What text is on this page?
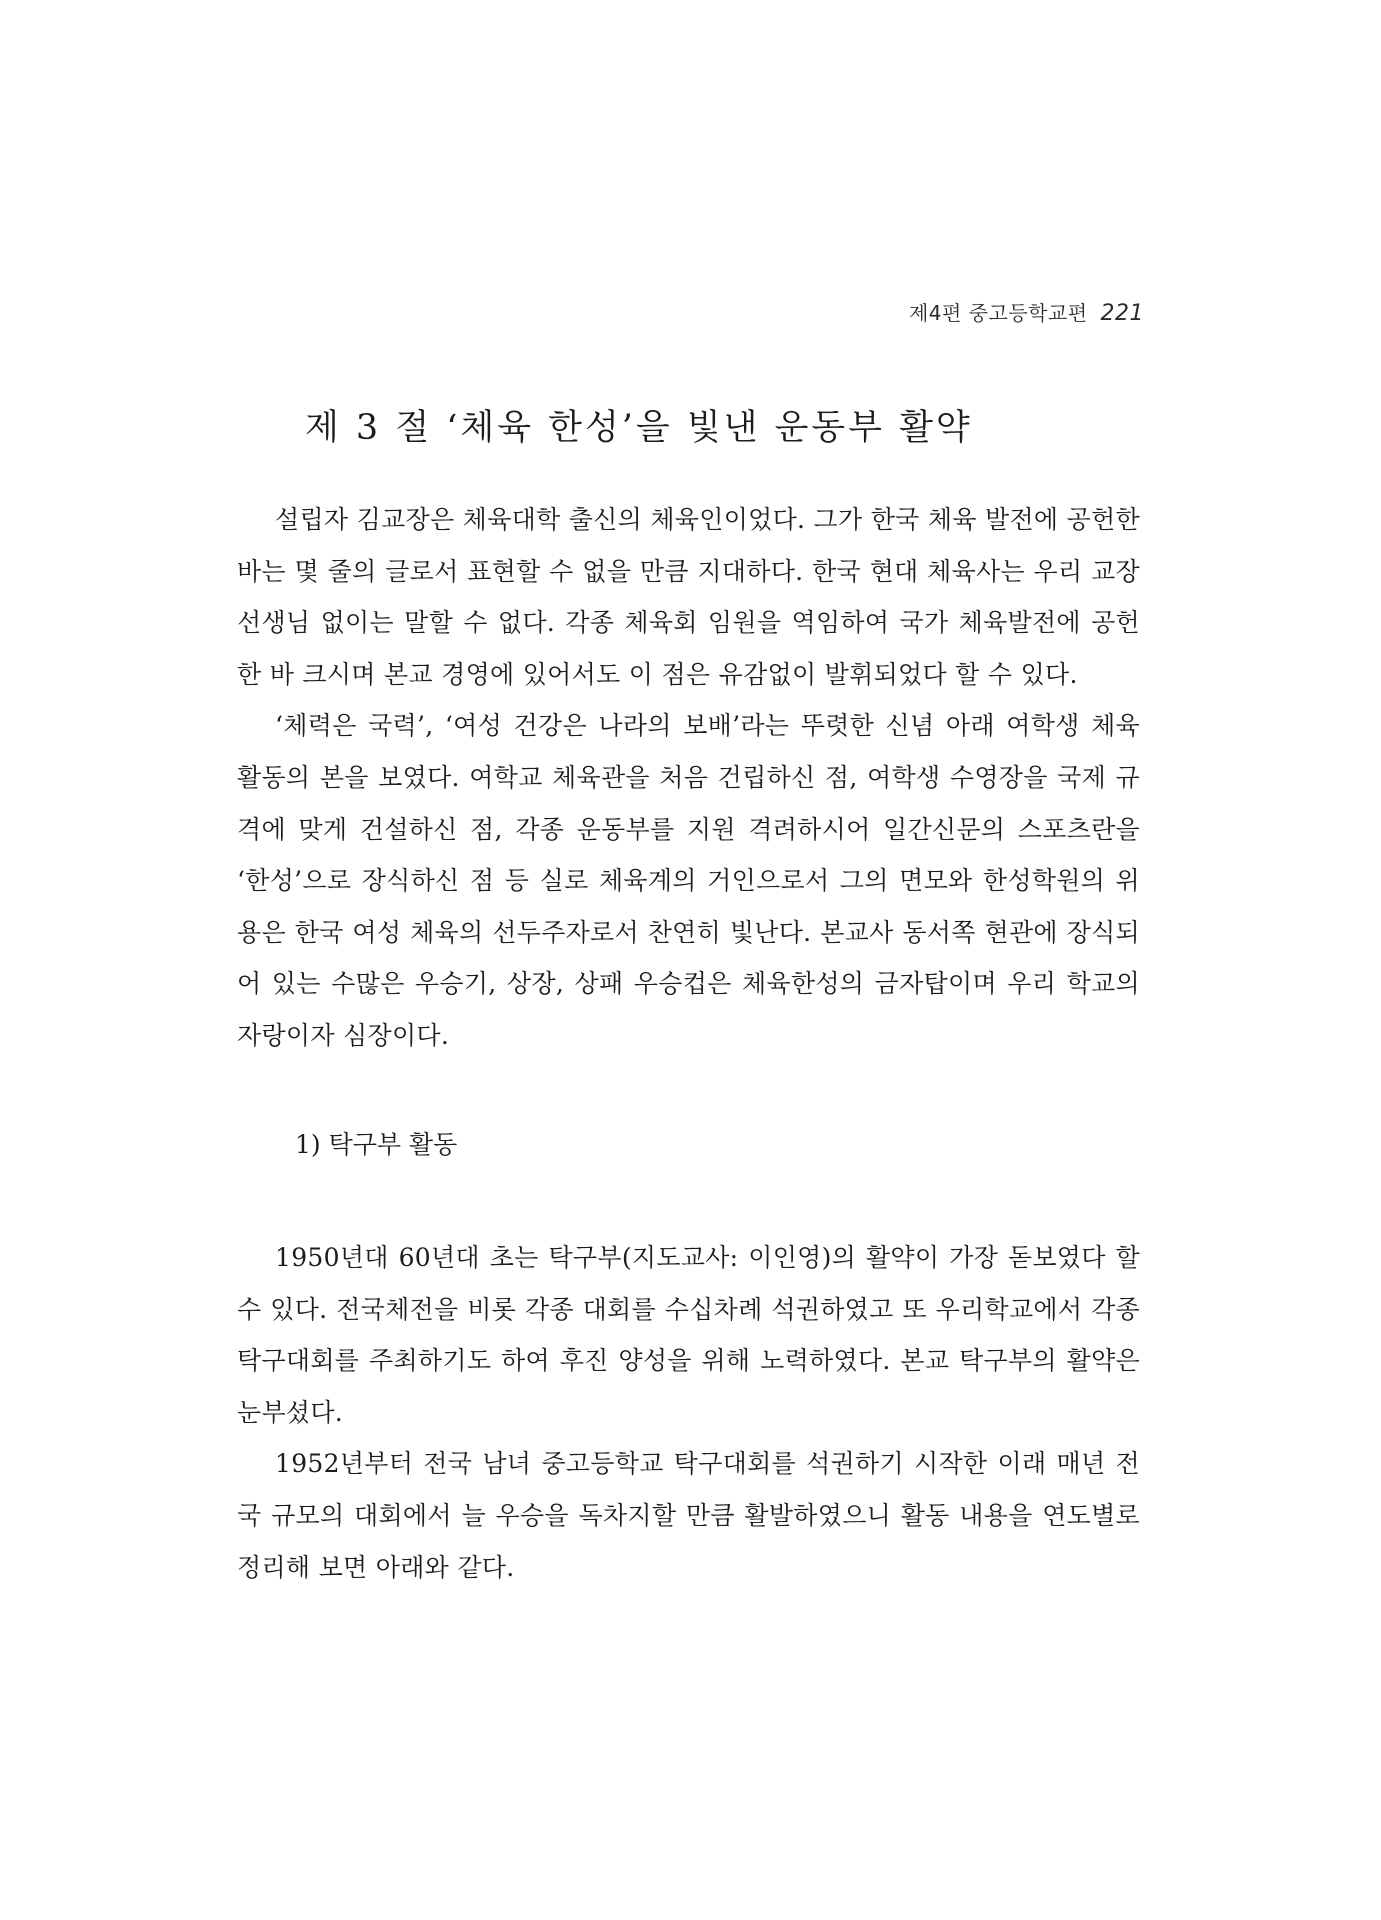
제4편 중고등학교편 221
제 3 절 ‘체육 한성’을 빛낸 운동부 활약

설립자 김교장은 체육대학 출신의 체육인이었다. 그가 한국 체육 발전에 공헌한 바는 몇 줄의 글로서 표현할 수 없을 만큼 지대하다. 한국 현대 체육사는 우리 교장선생님 없이는 말할 수 없다. 각종 체육회 임원을 역임하여 국가 체육발전에 공헌한 바 크시며 본교 경영에 있어서도 이 점은 유감없이 발휘되었다 할 수 있다.

‘체력은 국력’, ‘여성 건강은 나라의 보배’라는 뚜렷한 신념 아래 여학생 체육 활동의 본을 보였다. 여학교 체육관을 처음 건립하신 점, 여학생 수영장을 국제 규격에 맞게 건설하신 점, 각종 운동부를 지원 격려하시어 일간신문의 스포츠란을 ‘한성’으로 장식하신 점 등 실로 체육계의 거인으로서 그의 면모와 한성학원의 위용은 한국 여성 체육의 선두주자로서 찬연히 빛난다. 본교사 동서쪽 현관에 장식되어 있는 수많은 우승기, 상장, 상패 우승컵은 체육한성의 금자탑이며 우리 학교의 자랑이자 심장이다.

1) 탁구부 활동

1950년대 60년대 초는 탁구부(지도교사: 이인영)의 활약이 가장 돋보였다 할 수 있다. 전국체전을 비롯 각종 대회를 수십차례 석권하였고 또 우리학교에서 각종 탁구대회를 주최하기도 하여 후진 양성을 위해 노력하였다. 본교 탁구부의 활약은 눈부셨다.

1952년부터 전국 남녀 중고등학교 탁구대회를 석권하기 시작한 이래 매년 전국 규모의 대회에서 늘 우승을 독차지할 만큼 활발하였으니 활동 내용을 연도별로 정리해 보면 아래와 같다.
